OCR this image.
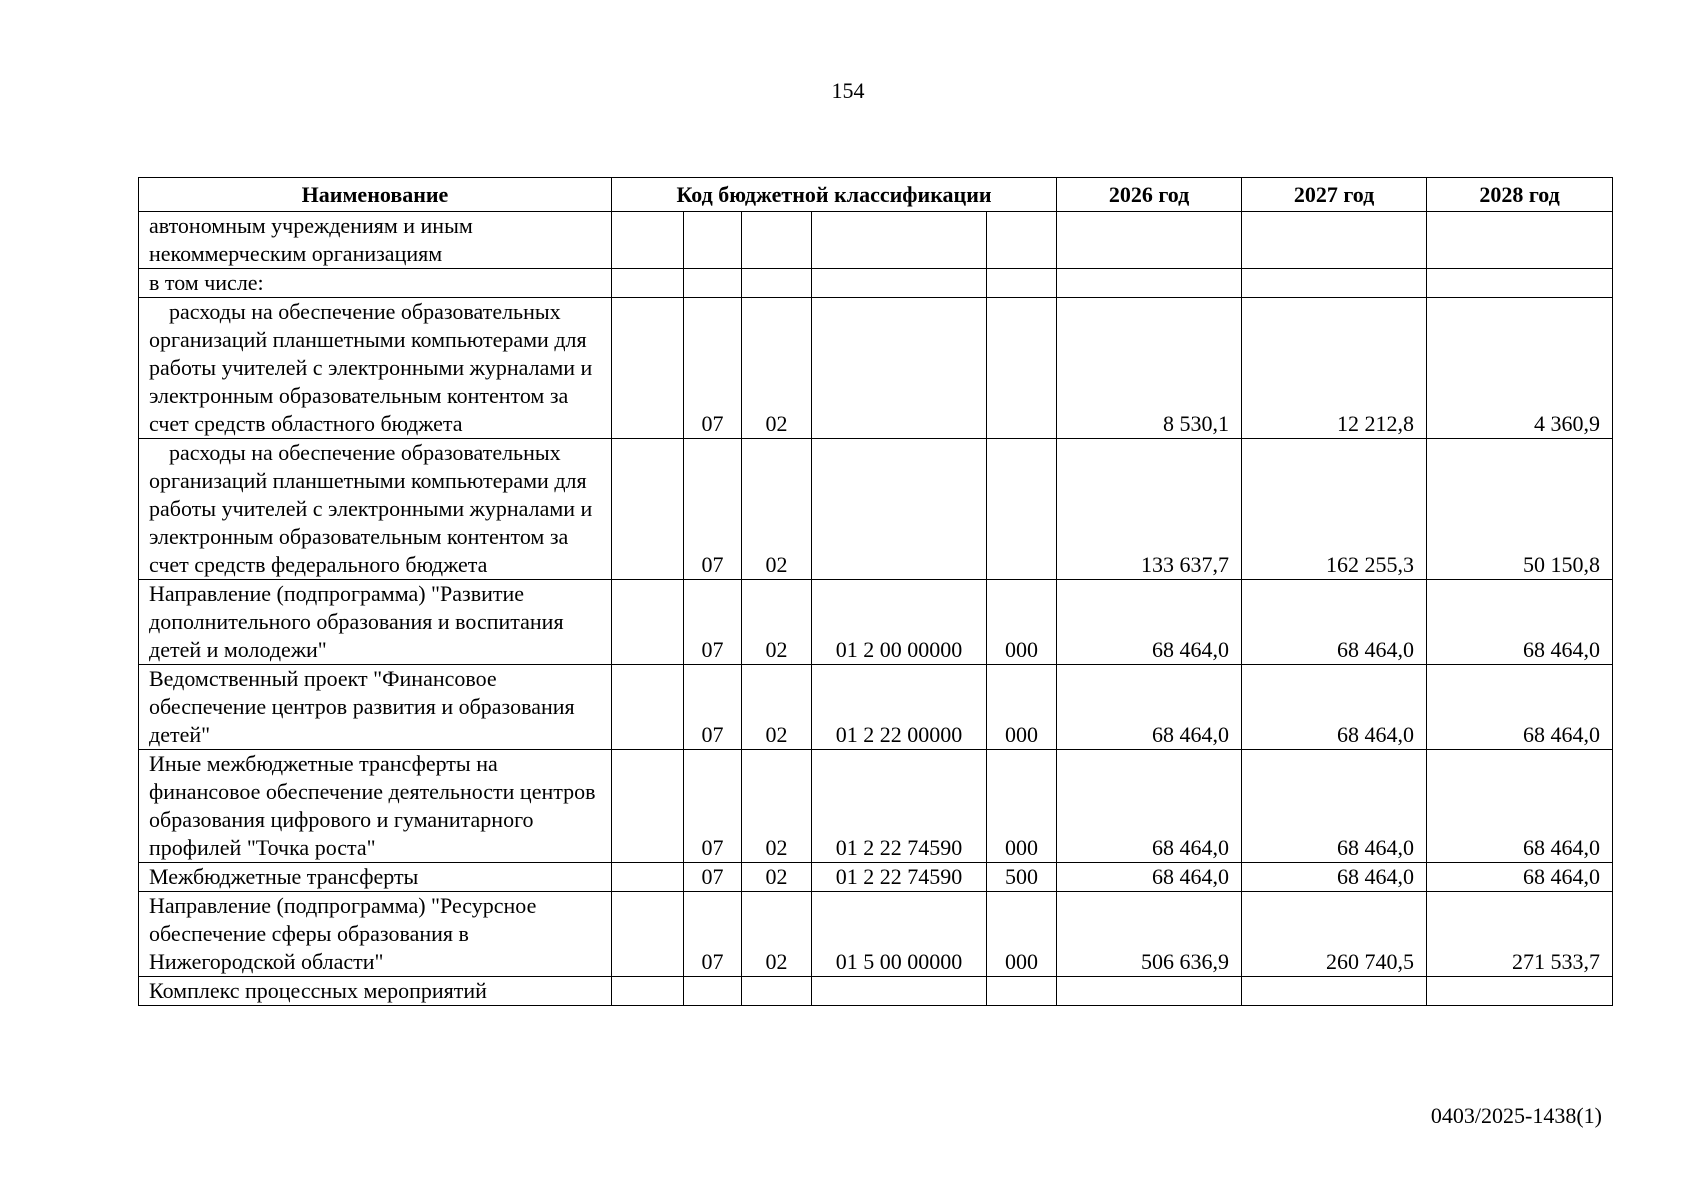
154
Наименование	Код бюджетной классификации					2026 год	2027 год	2028 год
автономным учреждениям и иным некоммерческим организациям								
в том числе:								
расходы на обеспечение образовательных организаций планшетными компьютерами для работы учителей с электронными журналами и электронным образовательным контентом за счет средств областного бюджета		07	02			8 530,1	12 212,8	4 360,9
расходы на обеспечение образовательных организаций планшетными компьютерами для работы учителей с электронными журналами и электронным образовательным контентом за счет средств федерального бюджета		07	02			133 637,7	162 255,3	50 150,8
Направление (подпрограмма) "Развитие дополнительного образования и воспитания детей и молодежи"		07	02	01 2 00 00000	000	68 464,0	68 464,0	68 464,0
Ведомственный проект "Финансовое обеспечение центров развития и образования детей"		07	02	01 2 22 00000	000	68 464,0	68 464,0	68 464,0
Иные межбюджетные трансферты на финансовое обеспечение деятельности центров образования цифрового и гуманитарного профилей "Точка роста"		07	02	01 2 22 74590	000	68 464,0	68 464,0	68 464,0
Межбюджетные трансферты		07	02	01 2 22 74590	500	68 464,0	68 464,0	68 464,0
Направление (подпрограмма) "Ресурсное обеспечение сферы образования в Нижегородской области"		07	02	01 5 00 00000	000	506 636,9	260 740,5	271 533,7
Комплекс процессных мероприятий								
0403/2025-1438(1)
